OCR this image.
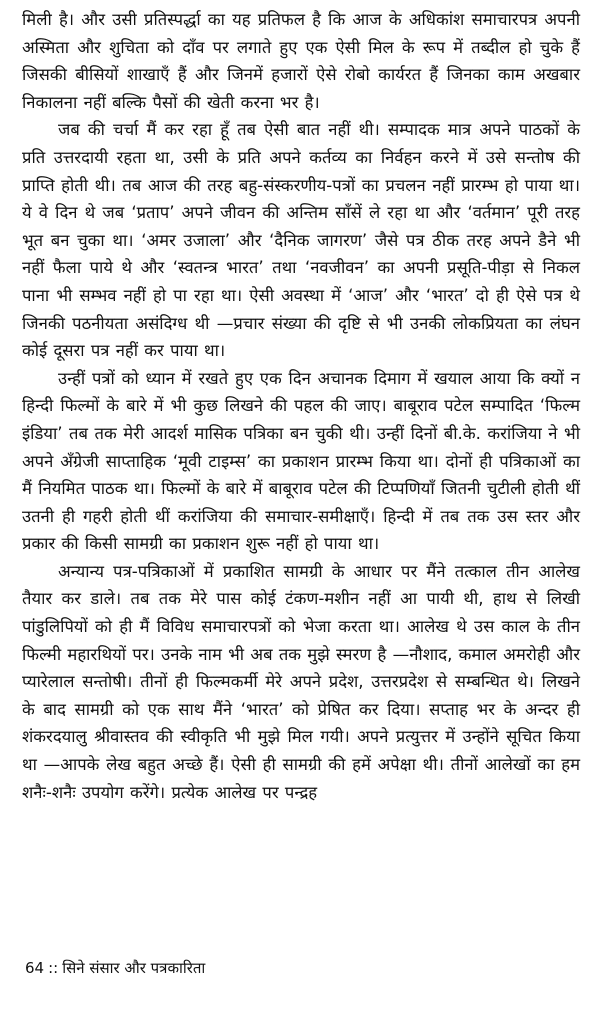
मिली है। और उसी प्रतिस्पर्द्धा का यह प्रतिफल है कि आज के अधिकांश समाचारपत्र अपनी अस्मिता और शुचिता को दाँव पर लगाते हुए एक ऐसी मिल के रूप में तब्दील हो चुके हैं जिसकी बीसियों शाखाएँ हैं और जिनमें हजारों ऐसे रोबो कार्यरत हैं जिनका काम अखबार निकालना नहीं बल्कि पैसों की खेती करना भर है।

जब की चर्चा मैं कर रहा हूँ तब ऐसी बात नहीं थी। सम्पादक मात्र अपने पाठकों के प्रति उत्तरदायी रहता था, उसी के प्रति अपने कर्तव्य का निर्वहन करने में उसे सन्तोष की प्राप्ति होती थी। तब आज की तरह बहु-संस्करणीय-पत्रों का प्रचलन नहीं प्रारम्भ हो पाया था। ये वे दिन थे जब ‘प्रताप’ अपने जीवन की अन्तिम साँसें ले रहा था और ‘वर्तमान’ पूरी तरह भूत बन चुका था। ‘अमर उजाला’ और ‘दैनिक जागरण’ जैसे पत्र ठीक तरह अपने डैने भी नहीं फैला पाये थे और ‘स्वतन्त्र भारत’ तथा ‘नवजीवन’ का अपनी प्रसूति-पीड़ा से निकल पाना भी सम्भव नहीं हो पा रहा था। ऐसी अवस्था में ‘आज’ और ‘भारत’ दो ही ऐसे पत्र थे जिनकी पठनीयता असंदिग्ध थी —प्रचार संख्या की दृष्टि से भी उनकी लोकप्रियता का लंघन कोई दूसरा पत्र नहीं कर पाया था।

उन्हीं पत्रों को ध्यान में रखते हुए एक दिन अचानक दिमाग में खयाल आया कि क्यों न हिन्दी फिल्मों के बारे में भी कुछ लिखने की पहल की जाए। बाबूराव पटेल सम्पादित ‘फिल्म इंडिया’ तब तक मेरी आदर्श मासिक पत्रिका बन चुकी थी। उन्हीं दिनों बी.के. करांजिया ने भी अपने अँग्रेजी साप्ताहिक ‘मूवी टाइम्स’ का प्रकाशन प्रारम्भ किया था। दोनों ही पत्रिकाओं का मैं नियमित पाठक था। फिल्मों के बारे में बाबूराव पटेल की टिप्पणियाँ जितनी चुटीली होती थीं उतनी ही गहरी होती थीं करांजिया की समाचार-समीक्षाएँ। हिन्दी में तब तक उस स्तर और प्रकार की किसी सामग्री का प्रकाशन शुरू नहीं हो पाया था।

अन्यान्य पत्र-पत्रिकाओं में प्रकाशित सामग्री के आधार पर मैंने तत्काल तीन आलेख तैयार कर डाले। तब तक मेरे पास कोई टंकण-मशीन नहीं आ पायी थी, हाथ से लिखी पांडुलिपियों को ही मैं विविध समाचारपत्रों को भेजा करता था। आलेख थे उस काल के तीन फिल्मी महारथियों पर। उनके नाम भी अब तक मुझे स्मरण है —नौशाद, कमाल अमरोही और प्यारेलाल सन्तोषी। तीनों ही फिल्मकर्मी मेरे अपने प्रदेश, उत्तरप्रदेश से सम्बन्धित थे। लिखने के बाद सामग्री को एक साथ मैंने ‘भारत’ को प्रेषित कर दिया। सप्ताह भर के अन्दर ही शंकरदयालु श्रीवास्तव की स्वीकृति भी मुझे मिल गयी। अपने प्रत्युत्तर में उन्होंने सूचित किया था —आपके लेख बहुत अच्छे हैं। ऐसी ही सामग्री की हमें अपेक्षा थी। तीनों आलेखों का हम शनैः-शनैः उपयोग करेंगे। प्रत्येक आलेख पर पन्द्रह

64 :: सिने संसार और पत्रकारिता
